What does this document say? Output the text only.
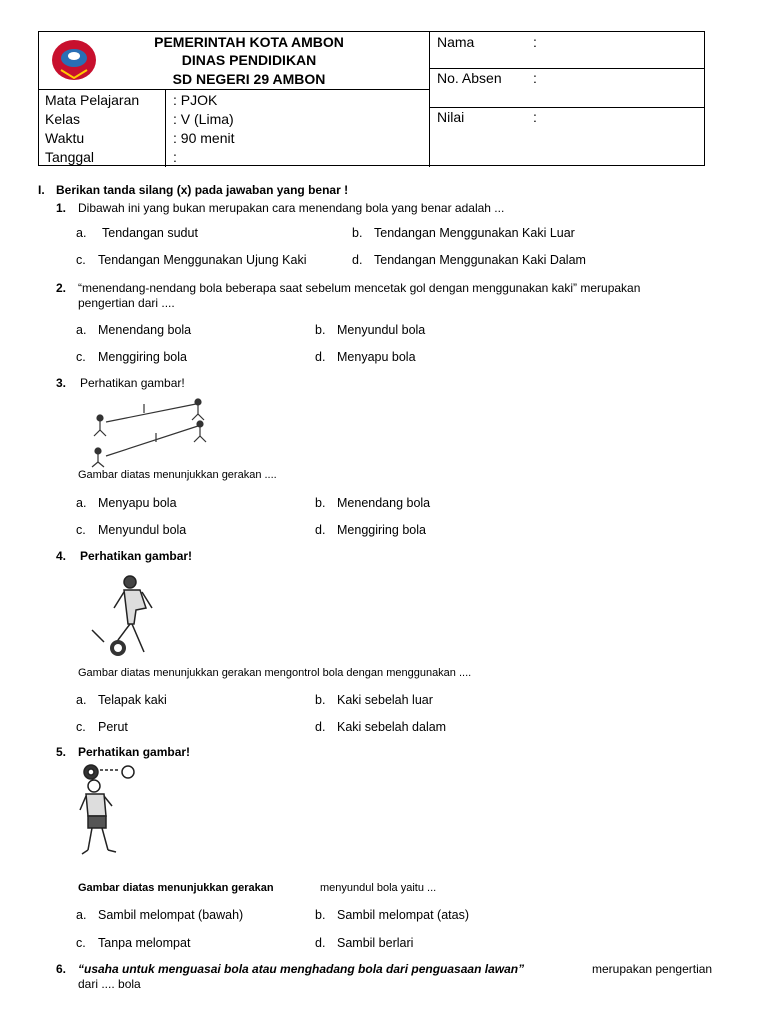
PEMERINTAH KOTA AMBON
DINAS PENDIDIKAN
SD NEGERI 29 AMBON
Mata Pelajaran : PJOK
Kelas	: V (Lima)
Waktu	: 90 menit
Tanggal	:
Nama	:
No. Absen :
Nilai	:
I. Berikan tanda silang (x) pada jawaban yang benar !
1. Dibawah ini yang bukan merupakan cara menendang bola yang benar adalah ...
a. Tendangan sudut	b. Tendangan Menggunakan Kaki Luar
c. Tendangan Menggunakan Ujung Kaki	d. Tendangan Menggunakan Kaki Dalam
2. “menendang-nendang bola beberapa saat sebelum mencetak gol dengan menggunakan kaki” merupakan
pengertian dari ....
a. Menendang bola	b. Menyundul bola
c. Menggiring bola	d. Menyapu bola
3. Perhatikan gambar!
Gambar diatas menunjukkan gerakan ....
a. Menyapu bola	b. Menendang bola
c. Menyundul bola	d. Menggiring bola
4. Perhatikan gambar!
Gambar diatas menunjukkan gerakan mengontrol bola dengan menggunakan ....
a. Telapak kaki	b. Kaki sebelah luar
c. Perut	d. Kaki sebelah dalam
5. Perhatikan gambar!
Gambar diatas menunjukkan gerakan	menyundul bola yaitu ...
a. Sambil melompat (bawah)	b. Sambil melompat (atas)
c. Tanpa melompat	d. Sambil berlari
6. “usaha untuk menguasai bola atau menghadang bola dari penguasaan lawan”	merupakan pengertian
dari .... bola
